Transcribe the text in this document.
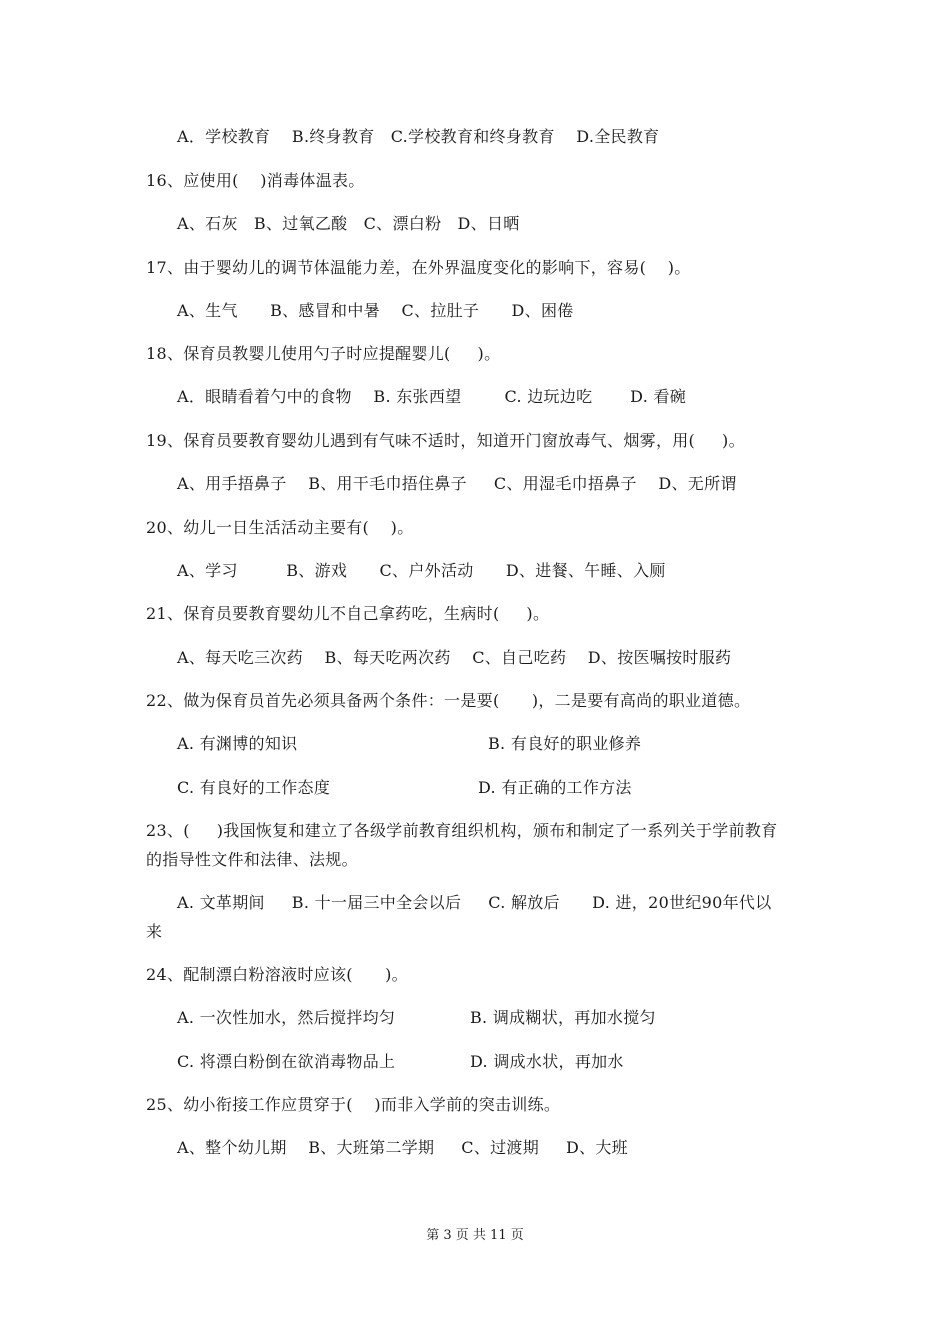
A．学校教育    B.终身教育   C.学校教育和终身教育    D.全民教育
16、应使用(    )消毒体温表。
A、石灰   B、过氧乙酸   C、漂白粉   D、日晒
17、由于婴幼儿的调节体温能力差，在外界温度变化的影响下，容易(    )。
A、生气      B、感冒和中暑    C、拉肚子      D、困倦
18、保育员教婴儿使用勺子时应提醒婴儿(     )。
A．眼睛看着勺中的食物    B. 东张西望        C. 边玩边吃       D. 看碗
19、保育员要教育婴幼儿遇到有气味不适时，知道开门窗放毒气、烟雾，用(     )。
A、用手捂鼻子    B、用干毛巾捂住鼻子     C、用湿毛巾捂鼻子    D、无所谓
20、幼儿一日生活活动主要有(    )。
A、学习         B、游戏      C、户外活动      D、进餐、午睡、入厕
21、保育员要教育婴幼儿不自己拿药吃，生病时(     )。
A、每天吃三次药    B、每天吃两次药    C、自己吃药    D、按医嘱按时服药
22、做为保育员首先必须具备两个条件：一是要(      )，二是要有高尚的职业道德。
A. 有渊博的知识	B. 有良好的职业修养
C. 有良好的工作态度	D. 有正确的工作方法
23、(     )我国恢复和建立了各级学前教育组织机构，颁布和制定了一系列关于学前教育
的指导性文件和法律、法规。
A. 文革期间     B. 十一届三中全会以后     C. 解放后      D. 进，20世纪90年代以
来
24、配制漂白粉溶液时应该(      )。
A. 一次性加水，然后搅拌均匀	B. 调成糊状，再加水搅匀
C. 将漂白粉倒在欲消毒物品上	D. 调成水状，再加水
25、幼小衔接工作应贯穿于(    )而非入学前的突击训练。
A、整个幼儿期    B、大班第二学期     C、过渡期     D、大班
第 3 页 共 11 页
